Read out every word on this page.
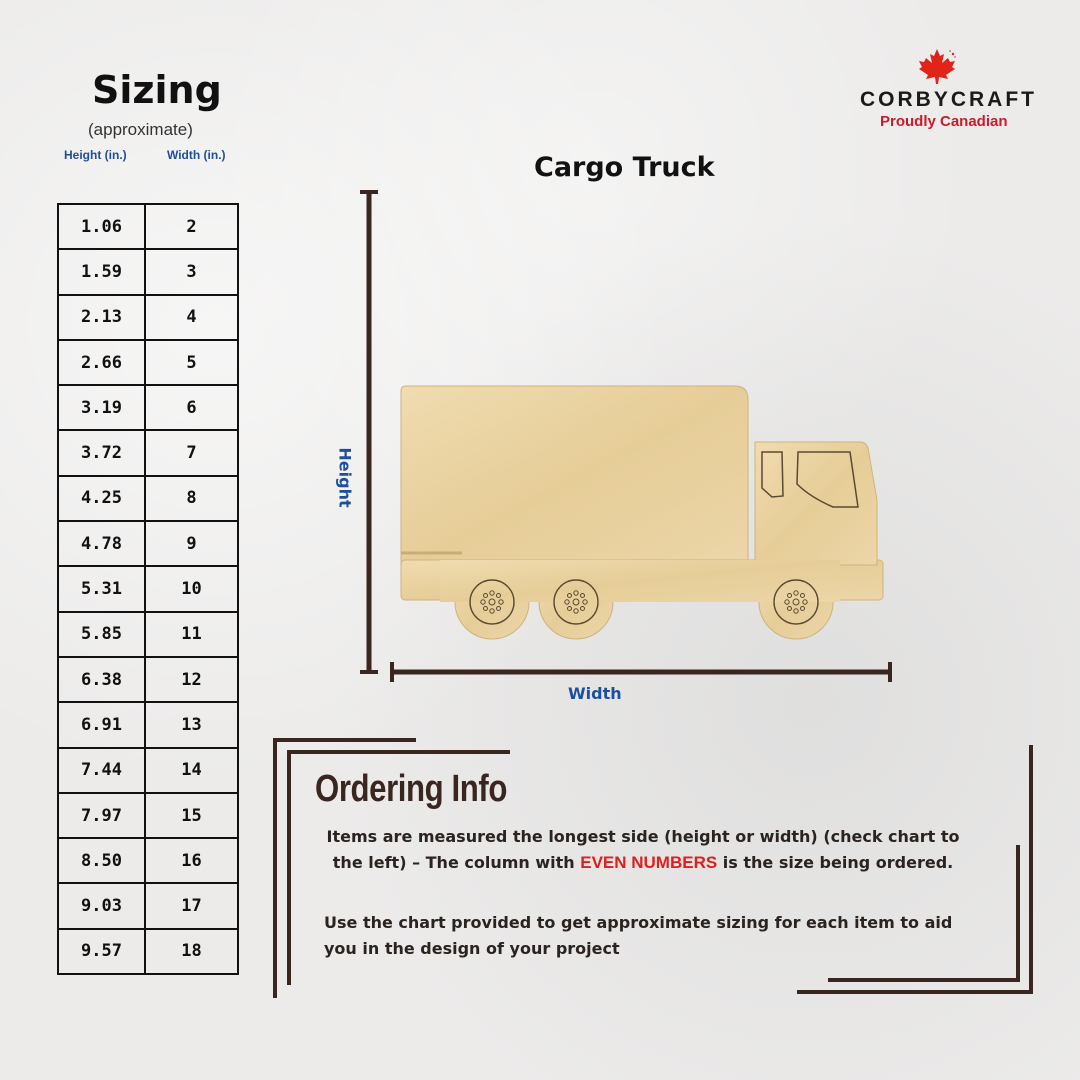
Sizing
(approximate)
Height (in.)	Width (in.)
1.06	2
1.59	3
2.13	4
2.66	5
3.19	6
3.72	7
4.25	8
4.78	9
5.31	10
5.85	11
6.38	12
6.91	13
7.44	14
7.97	15
8.50	16
9.03	17
9.57	18
CORBYCRAFT
Proudly Canadian
Cargo Truck
Height
Width
Ordering Info
Items are measured the longest side (height or width) (check chart to the left) – The column with EVEN NUMBERS is the size being ordered.
Use the chart provided to get approximate sizing for each item to aid you in the design of your project
